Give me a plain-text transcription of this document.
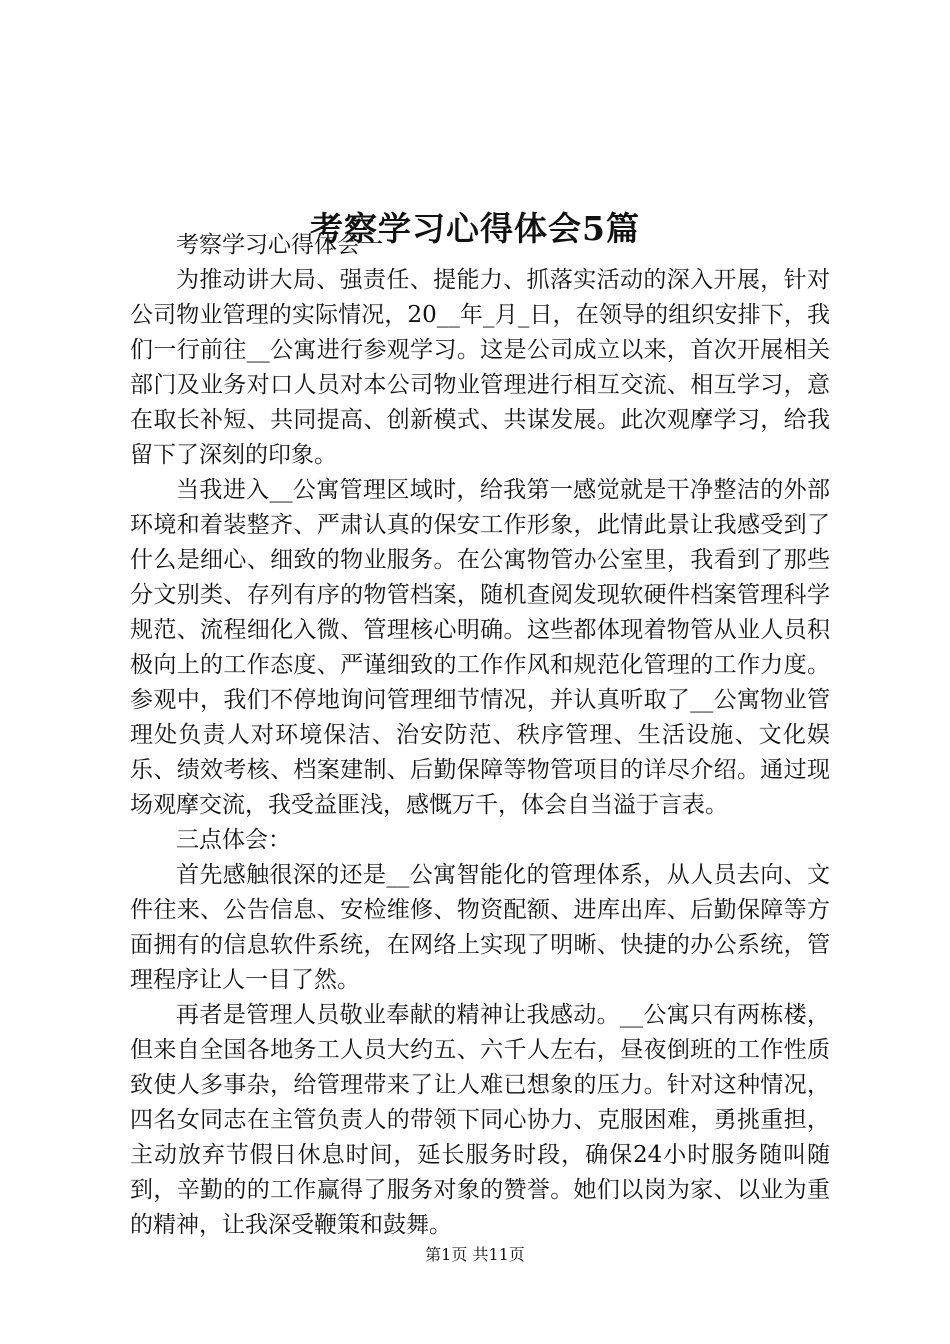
考察学习心得体会5篇

考察学习心得体会一

为推动讲大局、强责任、提能力、抓落实活动的深入开展，针对公司物业管理的实际情况，20__年_月_日，在领导的组织安排下，我们一行前往__公寓进行参观学习。这是公司成立以来，首次开展相关部门及业务对口人员对本公司物业管理进行相互交流、相互学习，意在取长补短、共同提高、创新模式、共谋发展。此次观摩学习，给我留下了深刻的印象。

当我进入__公寓管理区域时，给我第一感觉就是干净整洁的外部环境和着装整齐、严肃认真的保安工作形象，此情此景让我感受到了什么是细心、细致的物业服务。在公寓物管办公室里，我看到了那些分文别类、存列有序的物管档案，随机查阅发现软硬件档案管理科学规范、流程细化入微、管理核心明确。这些都体现着物管从业人员积极向上的工作态度、严谨细致的工作作风和规范化管理的工作力度。参观中，我们不停地询问管理细节情况，并认真听取了__公寓物业管理处负责人对环境保洁、治安防范、秩序管理、生活设施、文化娱乐、绩效考核、档案建制、后勤保障等物管项目的详尽介绍。通过现场观摩交流，我受益匪浅，感慨万千，体会自当溢于言表。

三点体会：

首先感触很深的还是__公寓智能化的管理体系，从人员去向、文件往来、公告信息、安检维修、物资配额、进库出库、后勤保障等方面拥有的信息软件系统，在网络上实现了明晰、快捷的办公系统，管理程序让人一目了然。

再者是管理人员敬业奉献的精神让我感动。__公寓只有两栋楼，但来自全国各地务工人员大约五、六千人左右，昼夜倒班的工作性质致使人多事杂，给管理带来了让人难已想象的压力。针对这种情况，四名女同志在主管负责人的带领下同心协力、克服困难，勇挑重担，主动放弃节假日休息时间，延长服务时段，确保24小时服务随叫随到，辛勤的的工作赢得了服务对象的赞誉。她们以岗为家、以业为重的精神，让我深受鞭策和鼓舞。

第1页 共11页
